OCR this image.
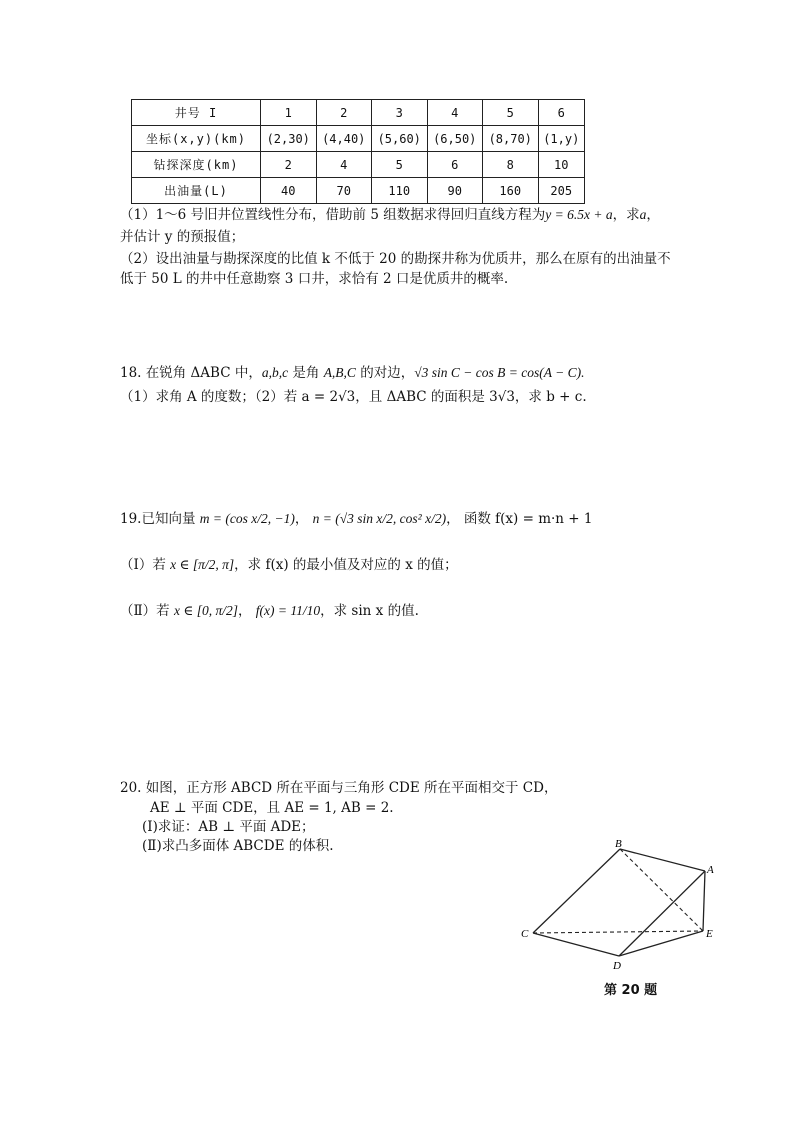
井号 I	1	2	3	4	5	6
坐标(x,y)(km)	(2,30)	(4,40)	(5,60)	(6,50)	(8,70)	(1,y)
钻探深度(km)	2	4	5	6	8	10
出油量(L)	40	70	110	90	160	205
（1）1～6 号旧井位置线性分布，借助前 5 组数据求得回归直线方程为y = 6.5x + a，求a，
并估计 y 的预报值；
（2）设出油量与勘探深度的比值 k 不低于 20 的勘探井称为优质井，那么在原有的出油量不
低于 50 L 的井中任意勘察 3 口井，求恰有 2 口是优质井的概率.
18. 在锐角 ΔABC 中，a,b,c 是角 A,B,C 的对边，√3 sin C − cos B = cos(A − C).
（1）求角 A 的度数；（2）若 a = 2√3，且 ΔABC 的面积是 3√3，求 b + c.
19.已知向量 m = (cos x/2, −1)， n = (√3 sin x/2, cos² x/2)， 函数 f(x) = m·n + 1
（Ⅰ）若 x ∈ [π/2, π]，求 f(x) 的最小值及对应的 x 的值；
（Ⅱ）若 x ∈ [0, π/2]， f(x) = 11/10，求 sin x 的值.
20. 如图，正方形 ABCD 所在平面与三角形 CDE 所在平面相交于 CD，
AE ⊥ 平面 CDE，且 AE = 1, AB = 2.
(Ⅰ)求证：AB ⊥ 平面 ADE；
(Ⅱ)求凸多面体 ABCDE 的体积.	B
A
C	E
D
第 20 题
